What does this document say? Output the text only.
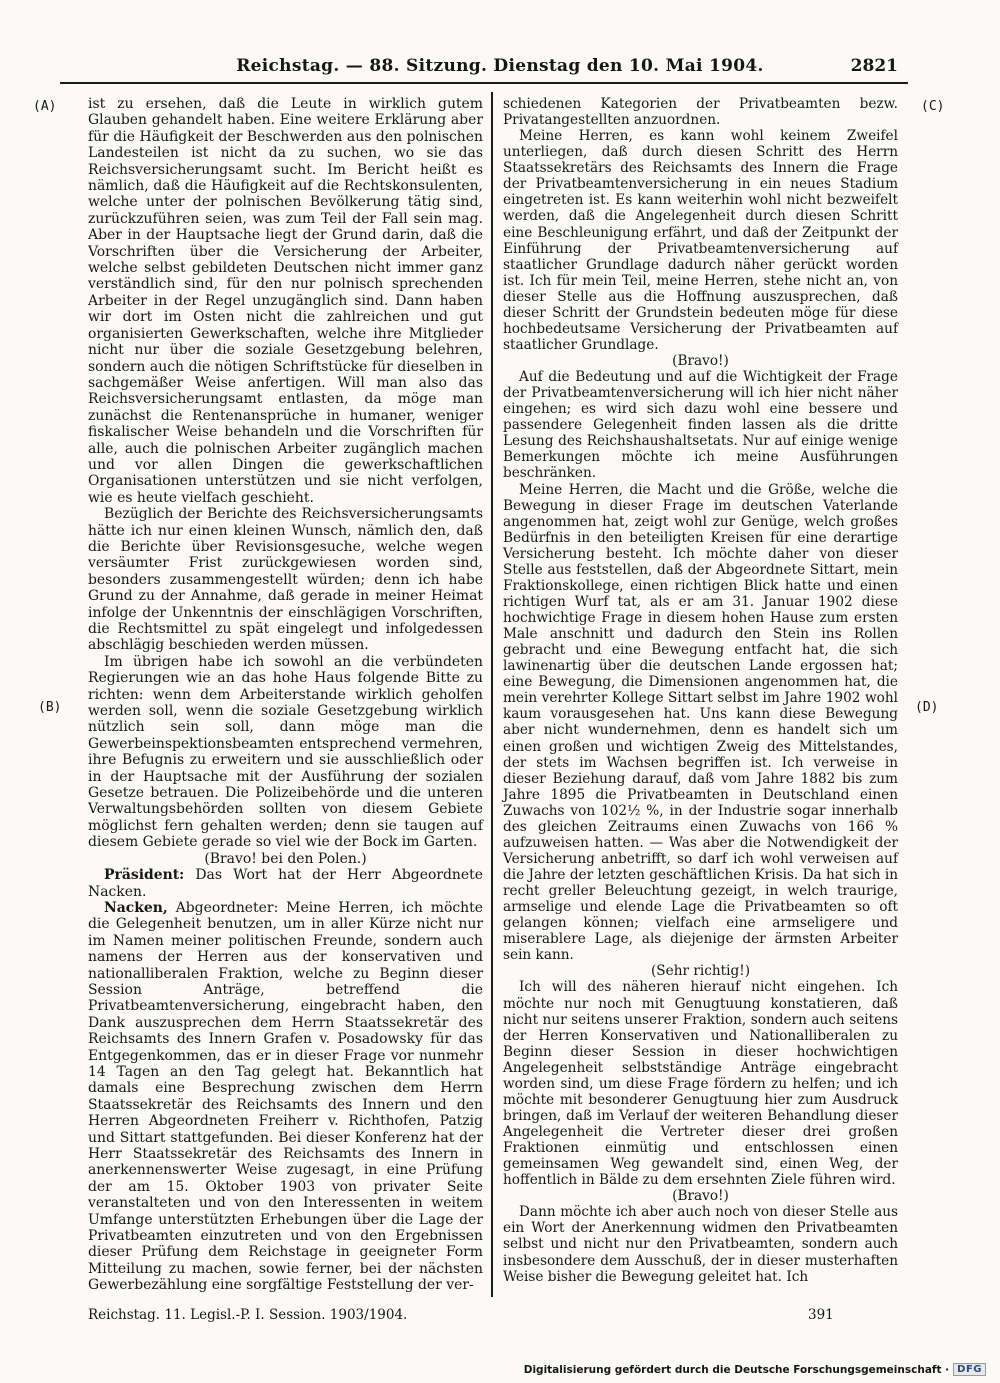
Reichstag. — 88. Sitzung. Dienstag den 10. Mai 1904.	2821
(A)
(B)
(C)
(D)

ist zu ersehen, daß die Leute in wirklich gutem Glauben gehandelt haben. Eine weitere Erklärung aber für die Häufigkeit der Beschwerden aus den polnischen Landesteilen ist nicht da zu suchen, wo sie das Reichsversicherungsamt sucht. Im Bericht heißt es nämlich, daß die Häufigkeit auf die Rechtskonsulenten, welche unter der polnischen Bevölkerung tätig sind, zurückzuführen seien, was zum Teil der Fall sein mag. Aber in der Hauptsache liegt der Grund darin, daß die Vorschriften über die Versicherung der Arbeiter, welche selbst gebildeten Deutschen nicht immer ganz verständlich sind, für den nur polnisch sprechenden Arbeiter in der Regel unzugänglich sind. Dann haben wir dort im Osten nicht die zahlreichen und gut organisierten Gewerkschaften, welche ihre Mitglieder nicht nur über die soziale Gesetzgebung belehren, sondern auch die nötigen Schriftstücke für dieselben in sachgemäßer Weise anfertigen. Will man also das Reichsversicherungsamt entlasten, da möge man zunächst die Rentenansprüche in humaner, weniger fiskalischer Weise behandeln und die Vorschriften für alle, auch die polnischen Arbeiter zugänglich machen und vor allen Dingen die gewerkschaftlichen Organisationen unterstützen und sie nicht verfolgen, wie es heute vielfach geschieht.

Bezüglich der Berichte des Reichsversicherungsamts hätte ich nur einen kleinen Wunsch, nämlich den, daß die Berichte über Revisionsgesuche, welche wegen versäumter Frist zurückgewiesen worden sind, besonders zusammengestellt würden; denn ich habe Grund zu der Annahme, daß gerade in meiner Heimat infolge der Unkenntnis der einschlägigen Vorschriften, die Rechtsmittel zu spät eingelegt und infolgedessen abschlägig beschieden werden müssen.

Im übrigen habe ich sowohl an die verbündeten Regierungen wie an das hohe Haus folgende Bitte zu richten: wenn dem Arbeiterstande wirklich geholfen werden soll, wenn die soziale Gesetzgebung wirklich nützlich sein soll, dann möge man die Gewerbeinspektionsbeamten entsprechend vermehren, ihre Befugnis zu erweitern und sie ausschließlich oder in der Hauptsache mit der Ausführung der sozialen Gesetze betrauen. Die Polizeibehörde und die unteren Verwaltungsbehörden sollten von diesem Gebiete möglichst fern gehalten werden; denn sie taugen auf diesem Gebiete gerade so viel wie der Bock im Garten.

(Bravo! bei den Polen.)

Präsident: Das Wort hat der Herr Abgeordnete Nacken.

Nacken, Abgeordneter: Meine Herren, ich möchte die Gelegenheit benutzen, um in aller Kürze nicht nur im Namen meiner politischen Freunde, sondern auch namens der Herren aus der konservativen und nationalliberalen Fraktion, welche zu Beginn dieser Session Anträge, betreffend die Privatbeamtenversicherung, eingebracht haben, den Dank auszusprechen dem Herrn Staatssekretär des Reichsamts des Innern Grafen v. Posadowsky für das Entgegenkommen, das er in dieser Frage vor nunmehr 14 Tagen an den Tag gelegt hat. Bekanntlich hat damals eine Besprechung zwischen dem Herrn Staatssekretär des Reichsamts des Innern und den Herren Abgeordneten Freiherr v. Richthofen, Patzig und Sittart stattgefunden. Bei dieser Konferenz hat der Herr Staatssekretär des Reichsamts des Innern in anerkennenswerter Weise zugesagt, in eine Prüfung der am 15. Oktober 1903 von privater Seite veranstalteten und von den Interessenten in weitem Umfange unterstützten Erhebungen über die Lage der Privatbeamten einzutreten und von den Ergebnissen dieser Prüfung dem Reichstage in geeigneter Form Mitteilung zu machen, sowie ferner, bei der nächsten Gewerbezählung eine sorgfältige Feststellung der ver-

schiedenen Kategorien der Privatbeamten bezw. Privatangestellten anzuordnen.

Meine Herren, es kann wohl keinem Zweifel unterliegen, daß durch diesen Schritt des Herrn Staatssekretärs des Reichsamts des Innern die Frage der Privatbeamtenversicherung in ein neues Stadium eingetreten ist. Es kann weiterhin wohl nicht bezweifelt werden, daß die Angelegenheit durch diesen Schritt eine Beschleunigung erfährt, und daß der Zeitpunkt der Einführung der Privatbeamtenversicherung auf staatlicher Grundlage dadurch näher gerückt worden ist. Ich für mein Teil, meine Herren, stehe nicht an, von dieser Stelle aus die Hoffnung auszusprechen, daß dieser Schritt der Grundstein bedeuten möge für diese hochbedeutsame Versicherung der Privatbeamten auf staatlicher Grundlage.

(Bravo!)

Auf die Bedeutung und auf die Wichtigkeit der Frage der Privatbeamtenversicherung will ich hier nicht näher eingehen; es wird sich dazu wohl eine bessere und passendere Gelegenheit finden lassen als die dritte Lesung des Reichshaushaltsetats. Nur auf einige wenige Bemerkungen möchte ich meine Ausführungen beschränken.

Meine Herren, die Macht und die Größe, welche die Bewegung in dieser Frage im deutschen Vaterlande angenommen hat, zeigt wohl zur Genüge, welch großes Bedürfnis in den beteiligten Kreisen für eine derartige Versicherung besteht. Ich möchte daher von dieser Stelle aus feststellen, daß der Abgeordnete Sittart, mein Fraktionskollege, einen richtigen Blick hatte und einen richtigen Wurf tat, als er am 31. Januar 1902 diese hochwichtige Frage in diesem hohen Hause zum ersten Male anschnitt und dadurch den Stein ins Rollen gebracht und eine Bewegung entfacht hat, die sich lawinenartig über die deutschen Lande ergossen hat; eine Bewegung, die Dimensionen angenommen hat, die mein verehrter Kollege Sittart selbst im Jahre 1902 wohl kaum vorausgesehen hat. Uns kann diese Bewegung aber nicht wundernehmen, denn es handelt sich um einen großen und wichtigen Zweig des Mittelstandes, der stets im Wachsen begriffen ist. Ich verweise in dieser Beziehung darauf, daß vom Jahre 1882 bis zum Jahre 1895 die Privatbeamten in Deutschland einen Zuwachs von 102½ %, in der Industrie sogar innerhalb des gleichen Zeitraums einen Zuwachs von 166 % aufzuweisen hatten. — Was aber die Notwendigkeit der Versicherung anbetrifft, so darf ich wohl verweisen auf die Jahre der letzten geschäftlichen Krisis. Da hat sich in recht greller Beleuchtung gezeigt, in welch traurige, armselige und elende Lage die Privatbeamten so oft gelangen können; vielfach eine armseligere und miserablere Lage, als diejenige der ärmsten Arbeiter sein kann.

(Sehr richtig!)

Ich will des näheren hierauf nicht eingehen. Ich möchte nur noch mit Genugtuung konstatieren, daß nicht nur seitens unserer Fraktion, sondern auch seitens der Herren Konservativen und Nationalliberalen zu Beginn dieser Session in dieser hochwichtigen Angelegenheit selbstständige Anträge eingebracht worden sind, um diese Frage fördern zu helfen; und ich möchte mit besonderer Genugtuung hier zum Ausdruck bringen, daß im Verlauf der weiteren Behandlung dieser Angelegenheit die Vertreter dieser drei großen Fraktionen einmütig und entschlossen einen gemeinsamen Weg gewandelt sind, einen Weg, der hoffentlich in Bälde zu dem ersehnten Ziele führen wird.

(Bravo!)

Dann möchte ich aber auch noch von dieser Stelle aus ein Wort der Anerkennung widmen den Privatbeamten selbst und nicht nur den Privatbeamten, sondern auch insbesondere dem Ausschuß, der in dieser musterhaften Weise bisher die Bewegung geleitet hat. Ich

Reichstag. 11. Legisl.-P. I. Session. 1903/1904.	391
Digitalisierung gefördert durch die Deutsche Forschungsgemeinschaft · DFG
